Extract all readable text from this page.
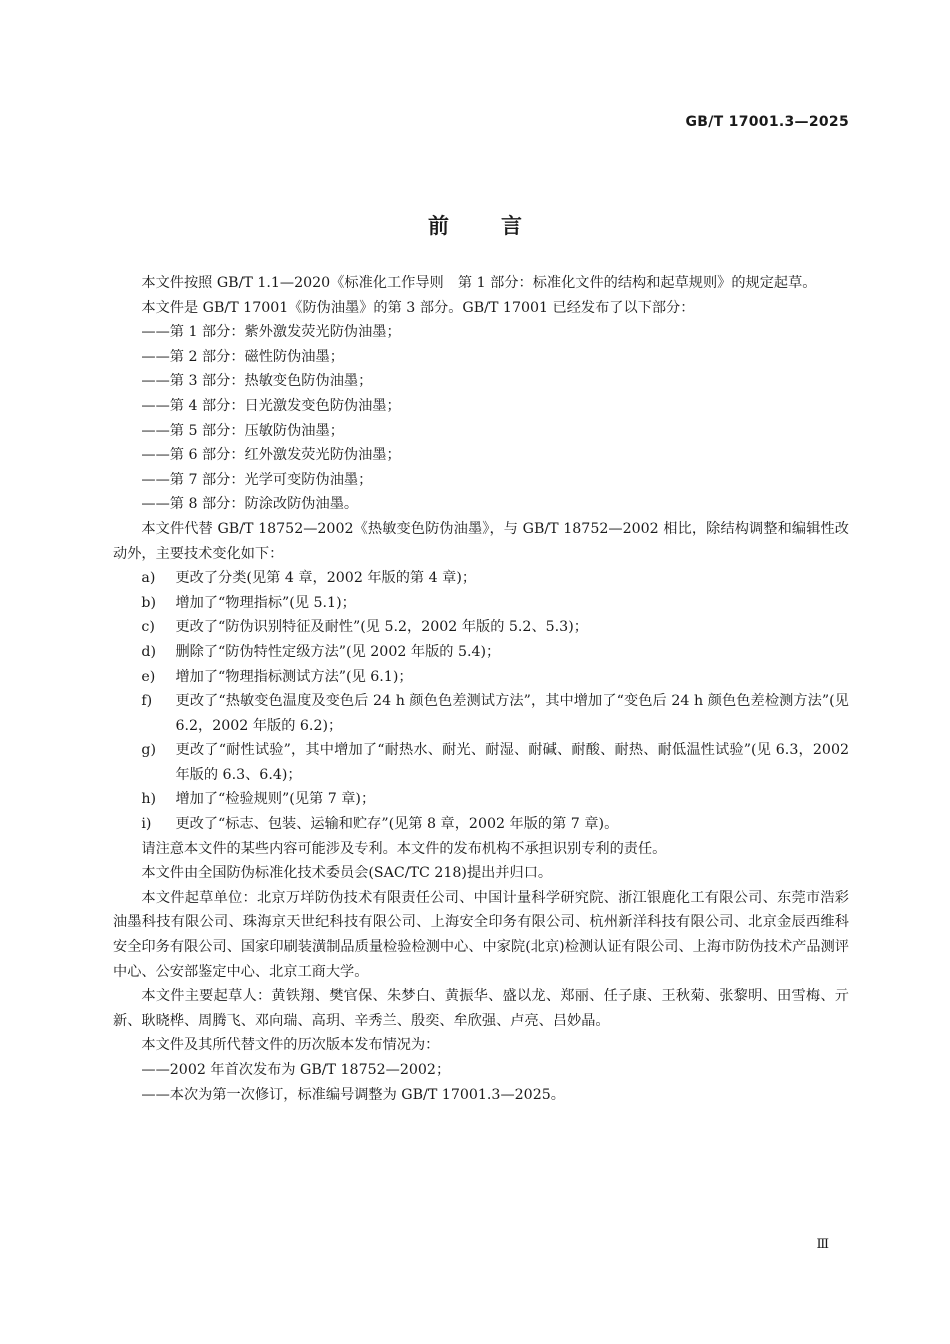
GB/T 17001.3—2025
前言

本文件按照 GB/T 1.1—2020《标准化工作导则　第 1 部分：标准化文件的结构和起草规则》的规定起草。

本文件是 GB/T 17001《防伪油墨》的第 3 部分。GB/T 17001 已经发布了以下部分：

——第 1 部分：紫外激发荧光防伪油墨；

——第 2 部分：磁性防伪油墨；

——第 3 部分：热敏变色防伪油墨；

——第 4 部分：日光激发变色防伪油墨；

——第 5 部分：压敏防伪油墨；

——第 6 部分：红外激发荧光防伪油墨；

——第 7 部分：光学可变防伪油墨；

——第 8 部分：防涂改防伪油墨。

本文件代替 GB/T 18752—2002《热敏变色防伪油墨》，与 GB/T 18752—2002 相比，除结构调整和编辑性改动外，主要技术变化如下：

a) 更改了分类(见第 4 章，2002 年版的第 4 章)；

b) 增加了“物理指标”(见 5.1)；

c) 更改了“防伪识别特征及耐性”(见 5.2，2002 年版的 5.2、5.3)；

d) 删除了“防伪特性定级方法”(见 2002 年版的 5.4)；

e) 增加了“物理指标测试方法”(见 6.1)；

f) 更改了“热敏变色温度及变色后 24 h 颜色色差测试方法”，其中增加了“变色后 24 h 颜色色差检测方法”(见 6.2，2002 年版的 6.2)；

g) 更改了“耐性试验”，其中增加了“耐热水、耐光、耐湿、耐碱、耐酸、耐热、耐低温性试验”(见 6.3，2002 年版的 6.3、6.4)；

h) 增加了“检验规则”(见第 7 章)；

i) 更改了“标志、包装、运输和贮存”(见第 8 章，2002 年版的第 7 章)。

请注意本文件的某些内容可能涉及专利。本文件的发布机构不承担识别专利的责任。

本文件由全国防伪标准化技术委员会(SAC/TC 218)提出并归口。

本文件起草单位：北京万垟防伪技术有限责任公司、中国计量科学研究院、浙江银鹿化工有限公司、东莞市浩彩油墨科技有限公司、珠海京天世纪科技有限公司、上海安全印务有限公司、杭州新洋科技有限公司、北京金辰西维科安全印务有限公司、国家印刷装潢制品质量检验检测中心、中家院(北京)检测认证有限公司、上海市防伪技术产品测评中心、公安部鉴定中心、北京工商大学。

本文件主要起草人：黄铁翔、樊官保、朱梦白、黄振华、盛以龙、郑丽、任子康、王秋菊、张黎明、田雪梅、亓新、耿晓桦、周腾飞、邓向瑞、高玥、辛秀兰、殷奕、牟欣强、卢亮、吕妙晶。

本文件及其所代替文件的历次版本发布情况为：

——2002 年首次发布为 GB/T 18752—2002；

——本次为第一次修订，标准编号调整为 GB/T 17001.3—2025。

Ⅲ
